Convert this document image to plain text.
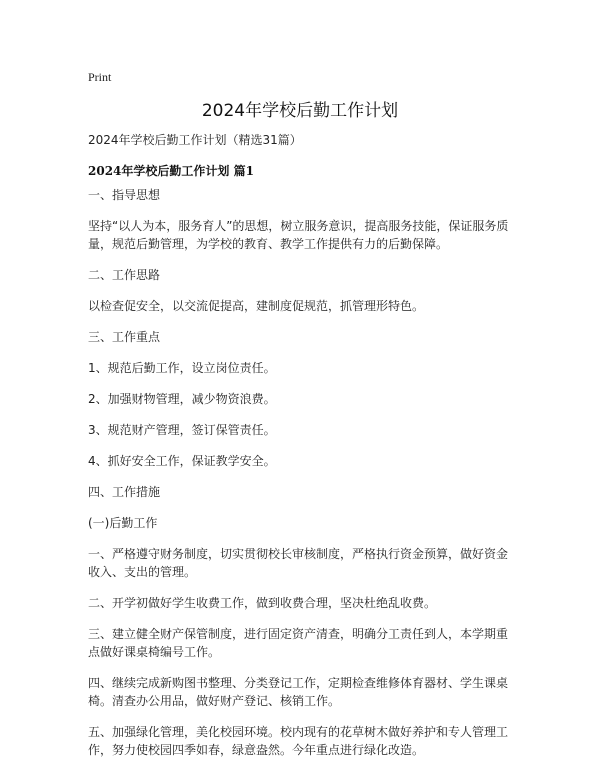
Print
2024年学校后勤工作计划
2024年学校后勤工作计划（精选31篇）
2024年学校后勤工作计划 篇1

一、指导思想

坚持“以人为本，服务育人”的思想，树立服务意识，提高服务技能，保证服务质量，规范后勤管理，为学校的教育、教学工作提供有力的后勤保障。

二、工作思路

以检查促安全，以交流促提高，建制度促规范，抓管理形特色。

三、工作重点

1、规范后勤工作，设立岗位责任。

2、加强财物管理，减少物资浪费。

3、规范财产管理，签订保管责任。

4、抓好安全工作，保证教学安全。

四、工作措施

(一)后勤工作

一、严格遵守财务制度，切实贯彻校长审核制度，严格执行资金预算，做好资金收入、支出的管理。

二、开学初做好学生收费工作，做到收费合理，坚决杜绝乱收费。

三、建立健全财产保管制度，进行固定资产清查，明确分工责任到人，本学期重点做好课桌椅编号工作。

四、继续完成新购图书整理、分类登记工作，定期检查维修体育器材、学生课桌椅。清查办公用品，做好财产登记、核销工作。

五、加强绿化管理，美化校园环境。校内现有的花草树木做好养护和专人管理工作，努力使校园四季如春，绿意盎然。今年重点进行绿化改造。
